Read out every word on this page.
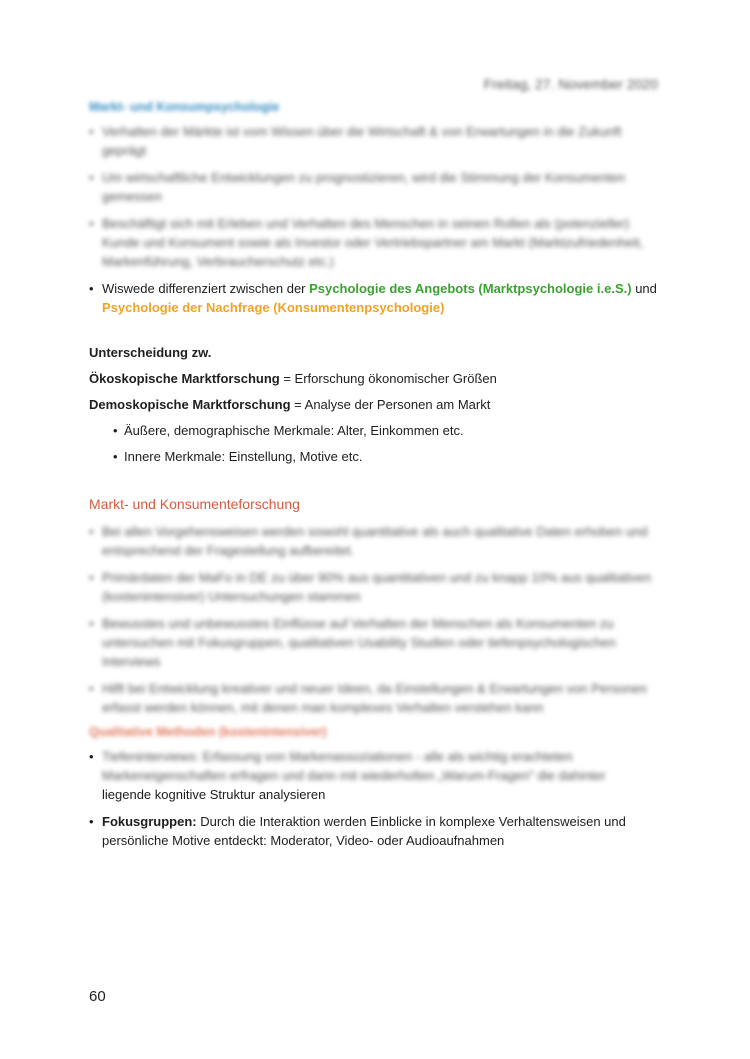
Freitag, 27. November 2020
Markt- und Konsumpsychologie
• Verhalten der Märkte ist vom Wissen über die Wirtschaft & von Erwartungen in die Zukunft geprägt
• Um wirtschaftliche Entwicklungen zu prognostizieren, wird die Stimmung der Konsumenten gemessen
• Beschäftigt sich mit Erleben und Verhalten des Menschen in seinen Rollen als (potenzieller) Kunde und Konsument sowie als Investor oder Vertriebspartner am Markt (Marktzufriedenheit, Markenführung, Verbraucherschutz etc.)
• Wiswede differenziert zwischen der Psychologie des Angebots (Marktpsychologie i.e.S.) und Psychologie der Nachfrage (Konsumentenpsychologie)

Unterscheidung zw.

Ökoskopische Marktforschung = Erforschung ökonomischer Größen

Demoskopische Marktforschung = Analyse der Personen am Markt

• Äußere, demographische Merkmale: Alter, Einkommen etc.
• Innere Merkmale: Einstellung, Motive etc.
Markt- und Konsumenteforschung
• Bei allen Vorgehensweisen werden sowohl quantitative als auch qualitative Daten erhoben und entsprechend der Fragestellung aufbereitet.
• Primärdaten der MaFo in DE zu über 90% aus quantitativen und zu knapp 10% aus qualitativen (kostenintensiver) Untersuchungen stammen
• Bewusstes und unbewusstes Einflüsse auf Verhalten der Menschen als Konsumenten zu untersuchen mit Fokusgruppen, qualitativen Usability Studien oder tiefenpsychologischen Interviews
• Hilft bei Entwicklung kreativer und neuer Ideen, da Einstellungen & Erwartungen von Personen erfasst werden können, mit denen man komplexes Verhalten verstehen kann
Qualitative Methoden (kostenintensiver)
• Tiefeninterviews: Erfassung von Markenassoziationen - alle als wichtig erachteten Markeneigenschaften erfragen und dann mit wiederholten „Warum-Fragen" die dahinter
liegende kognitive Struktur analysieren
• Fokusgruppen: Durch die Interaktion werden Einblicke in komplexe Verhaltensweisen und persönliche Motive entdeckt: Moderator, Video- oder Audioaufnahmen
60
